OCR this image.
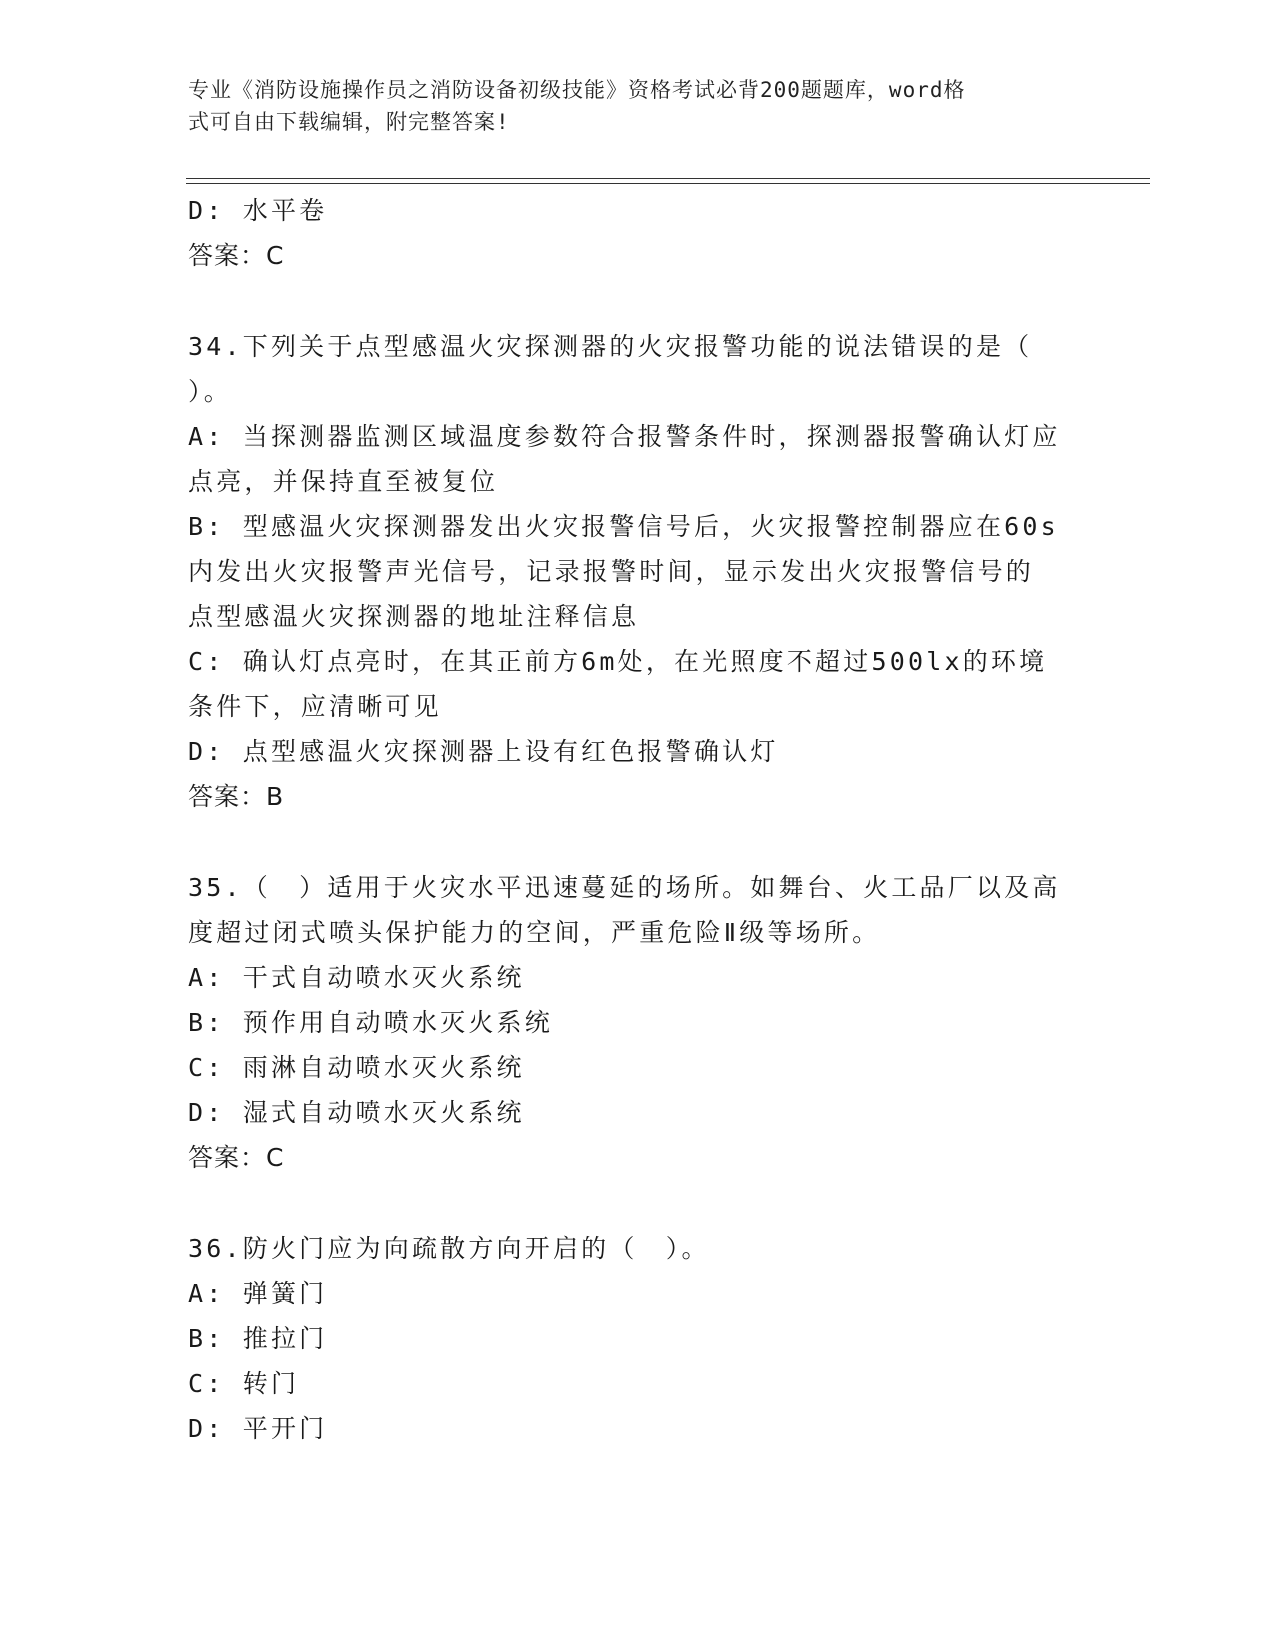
专业《消防设施操作员之消防设备初级技能》资格考试必背200题题库，word格
式可自由下载编辑，附完整答案!
D: 水平卷
答案：C
34.下列关于点型感温火灾探测器的火灾报警功能的说法错误的是（
）。
A: 当探测器监测区域温度参数符合报警条件时，探测器报警确认灯应
点亮，并保持直至被复位
B: 型感温火灾探测器发出火灾报警信号后，火灾报警控制器应在60s
内发出火灾报警声光信号，记录报警时间，显示发出火灾报警信号的
点型感温火灾探测器的地址注释信息
C: 确认灯点亮时，在其正前方6m处，在光照度不超过500lx的环境
条件下，应清晰可见
D: 点型感温火灾探测器上设有红色报警确认灯
答案：B
35.（　）适用于火灾水平迅速蔓延的场所。如舞台、火工品厂以及高
度超过闭式喷头保护能力的空间，严重危险Ⅱ级等场所。
A: 干式自动喷水灭火系统
B: 预作用自动喷水灭火系统
C: 雨淋自动喷水灭火系统
D: 湿式自动喷水灭火系统
答案：C
36.防火门应为向疏散方向开启的（　）。
A: 弹簧门
B: 推拉门
C: 转门
D: 平开门
